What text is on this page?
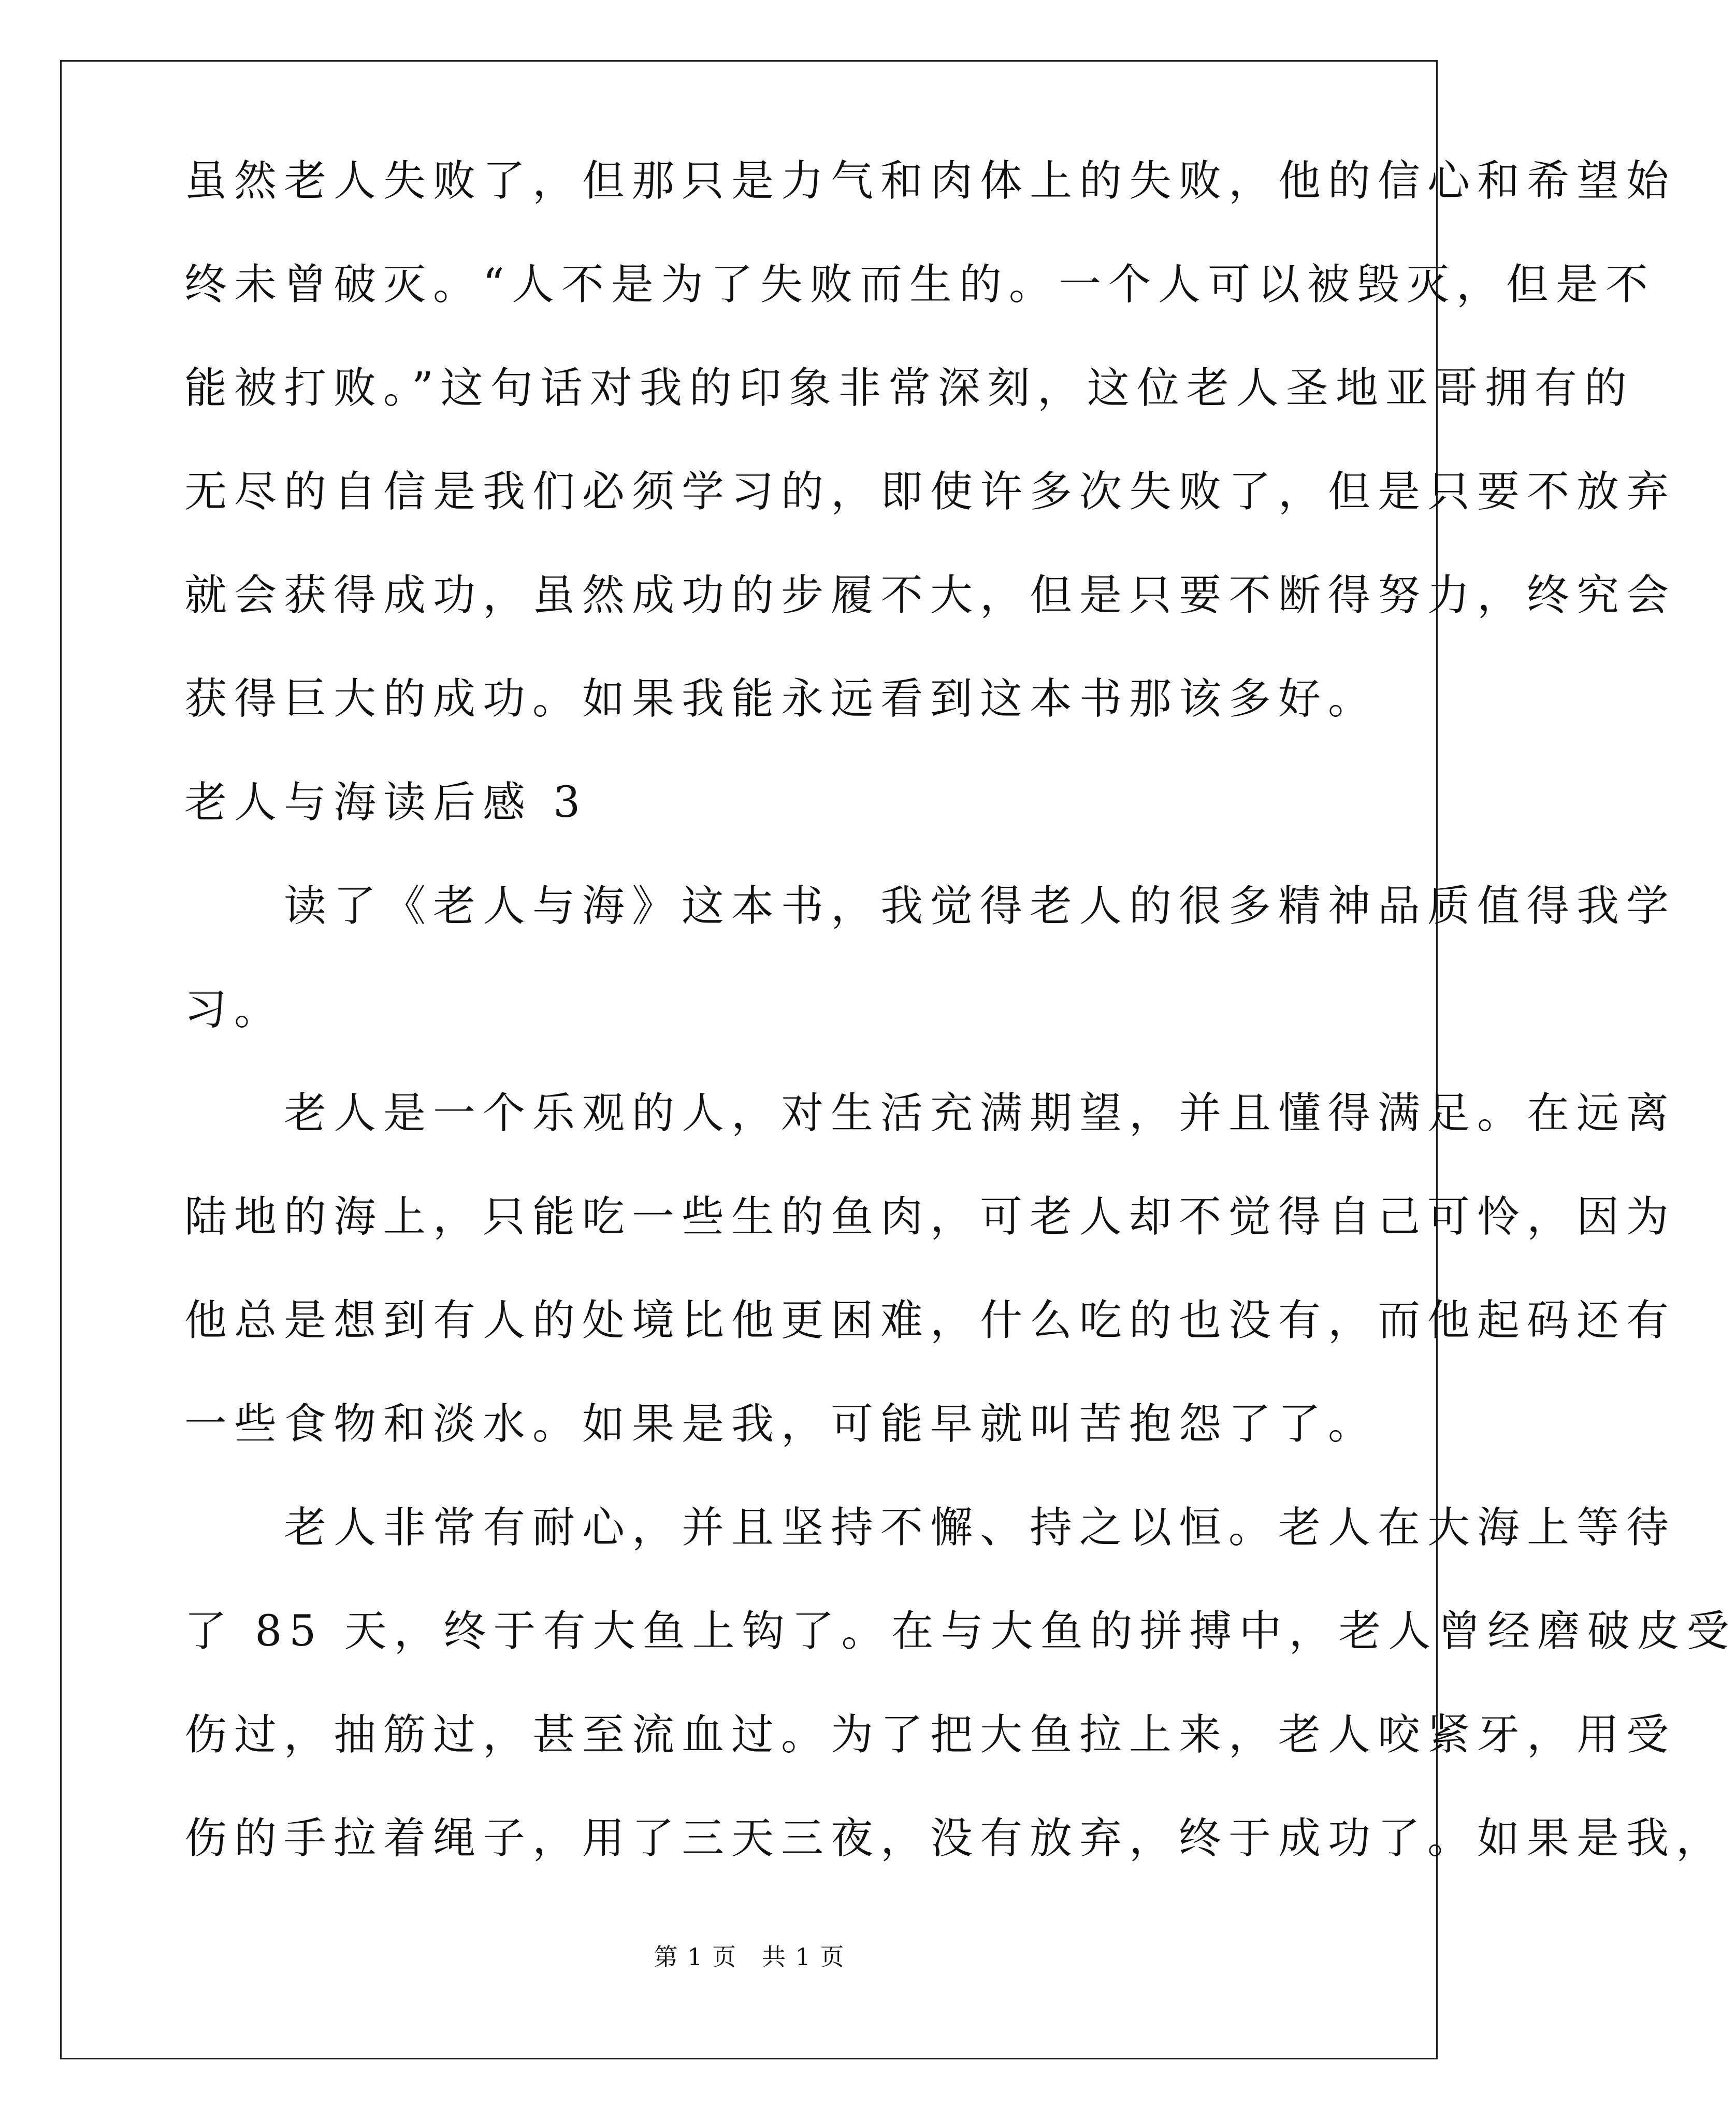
虽然老人失败了，但那只是力气和肉体上的失败，他的信心和希望始
终未曾破灭。“人不是为了失败而生的。一个人可以被毁灭，但是不
能被打败。”这句话对我的印象非常深刻，这位老人圣地亚哥拥有的
无尽的自信是我们必须学习的，即使许多次失败了，但是只要不放弃
就会获得成功，虽然成功的步履不大，但是只要不断得努力，终究会
获得巨大的成功。如果我能永远看到这本书那该多好。
老人与海读后感 3
　　读了《老人与海》这本书，我觉得老人的很多精神品质值得我学
习。
　　老人是一个乐观的人，对生活充满期望，并且懂得满足。在远离
陆地的海上，只能吃一些生的鱼肉，可老人却不觉得自己可怜，因为
他总是想到有人的处境比他更困难，什么吃的也没有，而他起码还有
一些食物和淡水。如果是我，可能早就叫苦抱怨了了。
　　老人非常有耐心，并且坚持不懈、持之以恒。老人在大海上等待
了 85 天，终于有大鱼上钩了。在与大鱼的拼搏中，老人曾经磨破皮受
伤过，抽筋过，甚至流血过。为了把大鱼拉上来，老人咬紧牙，用受
伤的手拉着绳子，用了三天三夜，没有放弃，终于成功了。如果是我，
第 1 页　共 1 页
